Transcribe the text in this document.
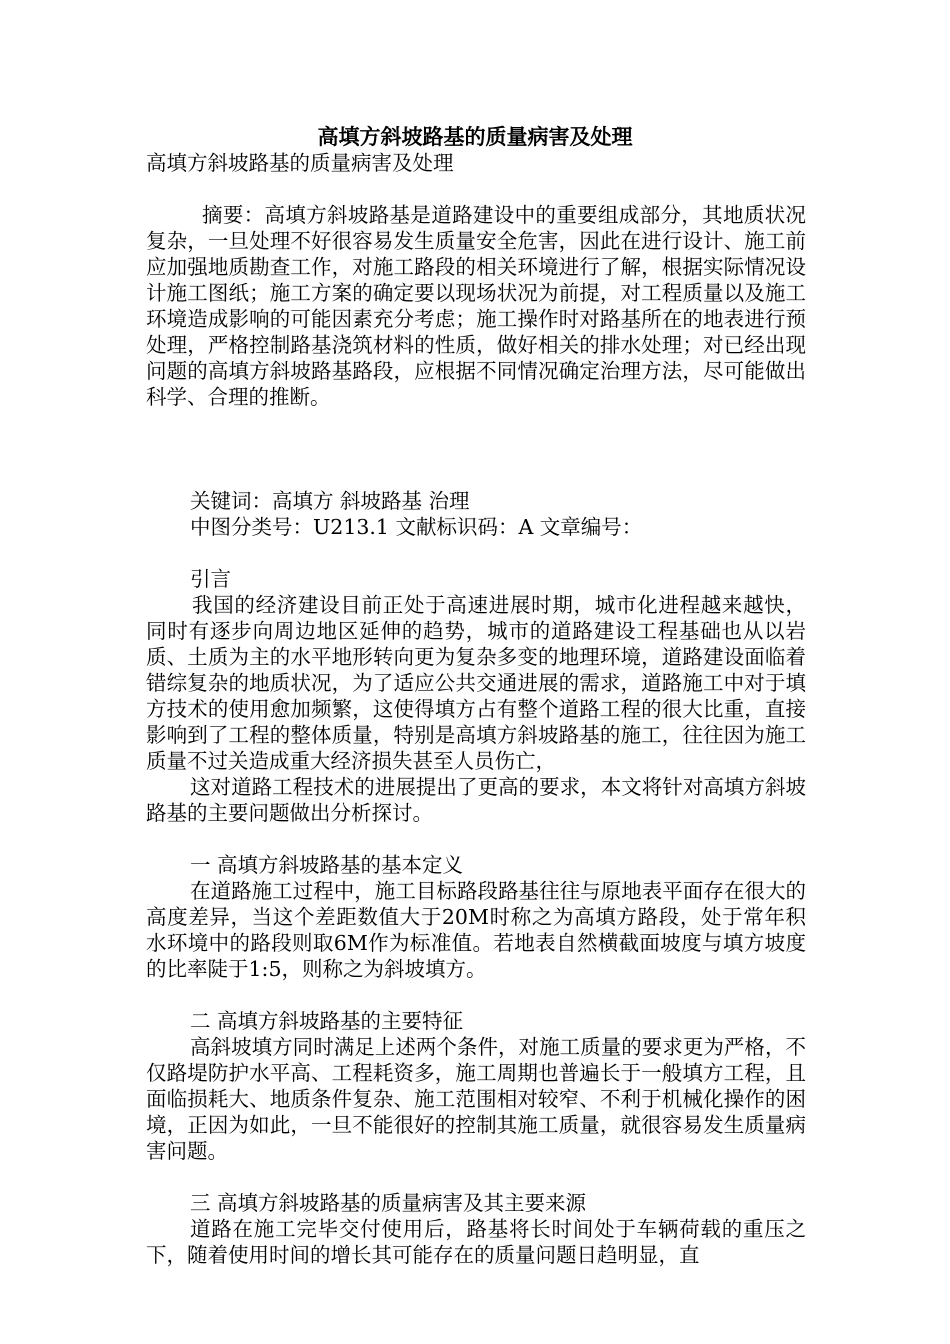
高填方斜坡路基的质量病害及处理

高填方斜坡路基的质量病害及处理

摘要：高填方斜坡路基是道路建设中的重要组成部分，其地质状况复杂，一旦处理不好很容易发生质量安全危害，因此在进行设计、施工前应加强地质勘查工作，对施工路段的相关环境进行了解，根据实际情况设计施工图纸；施工方案的确定要以现场状况为前提，对工程质量以及施工环境造成影响的可能因素充分考虑；施工操作时对路基所在的地表进行预处理，严格控制路基浇筑材料的性质，做好相关的排水处理；对已经出现问题的高填方斜坡路基路段，应根据不同情况确定治理方法，尽可能做出科学、合理的推断。

关键词：高填方 斜坡路基 治理

中图分类号：U213.1 文献标识码：A 文章编号：

引言

我国的经济建设目前正处于高速进展时期，城市化进程越来越快，同时有逐步向周边地区延伸的趋势，城市的道路建设工程基础也从以岩质、土质为主的水平地形转向更为复杂多变的地理环境，道路建设面临着错综复杂的地质状况，为了适应公共交通进展的需求，道路施工中对于填方技术的使用愈加频繁，这使得填方占有整个道路工程的很大比重，直接影响到了工程的整体质量，特别是高填方斜坡路基的施工，往往因为施工质量不过关造成重大经济损失甚至人员伤亡，

这对道路工程技术的进展提出了更高的要求，本文将针对高填方斜坡路基的主要问题做出分析探讨。

一 高填方斜坡路基的基本定义

在道路施工过程中，施工目标路段路基往往与原地表平面存在很大的高度差异，当这个差距数值大于20M时称之为高填方路段，处于常年积水环境中的路段则取6M作为标准值。若地表自然横截面坡度与填方坡度的比率陡于1:5，则称之为斜坡填方。

二 高填方斜坡路基的主要特征

高斜坡填方同时满足上述两个条件，对施工质量的要求更为严格，不仅路堤防护水平高、工程耗资多，施工周期也普遍长于一般填方工程，且面临损耗大、地质条件复杂、施工范围相对较窄、不利于机械化操作的困境，正因为如此，一旦不能很好的控制其施工质量，就很容易发生质量病害问题。

三 高填方斜坡路基的质量病害及其主要来源

道路在施工完毕交付使用后，路基将长时间处于车辆荷载的重压之下，随着使用时间的增长其可能存在的质量问题日趋明显，直
